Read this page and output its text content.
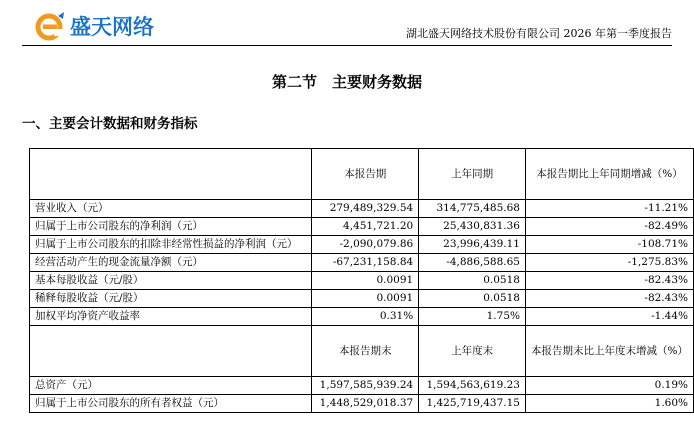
盛天网络	湖北盛天网络技术股份有限公司 2026 年第一季度报告
第二节　主要财务数据
一、主要会计数据和财务指标
	本报告期	上年同期	本报告期比上年同期增减（%）
营业收入（元）	279,489,329.54	314,775,485.68	-11.21%
归属于上市公司股东的净利润（元）	4,451,721.20	25,430,831.36	-82.49%
归属于上市公司股东的扣除非经常性损益的净利润（元）	-2,090,079.86	23,996,439.11	-108.71%
经营活动产生的现金流量净额（元）	-67,231,158.84	-4,886,588.65	-1,275.83%
基本每股收益（元/股）	0.0091	0.0518	-82.43%
稀释每股收益（元/股）	0.0091	0.0518	-82.43%
加权平均净资产收益率	0.31%	1.75%	-1.44%
	本报告期末	上年度末	本报告期末比上年度末增减（%）
总资产（元）	1,597,585,939.24	1,594,563,619.23	0.19%
归属于上市公司股东的所有者权益（元）	1,448,529,018.37	1,425,719,437.15	1.60%
